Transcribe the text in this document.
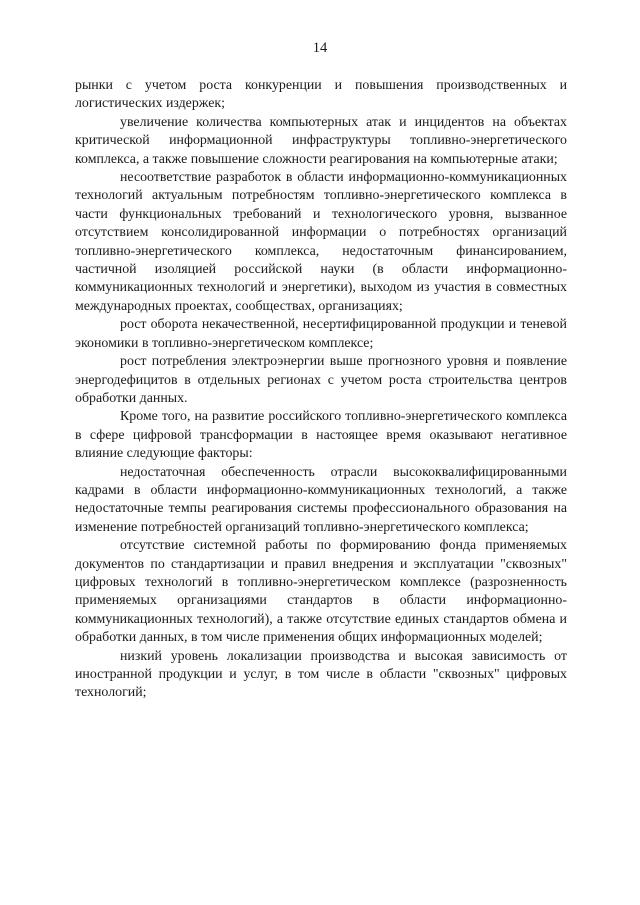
14

рынки с учетом роста конкуренции и повышения производственных и логистических издержек;

увеличение количества компьютерных атак и инцидентов на объектах критической информационной инфраструктуры топливно-энергетического комплекса, а также повышение сложности реагирования на компьютерные атаки;

несоответствие разработок в области информационно-коммуникационных технологий актуальным потребностям топливно-энергетического комплекса в части функциональных требований и технологического уровня, вызванное отсутствием консолидированной информации о потребностях организаций топливно-энергетического комплекса, недостаточным финансированием, частичной изоляцией российской науки (в области информационно-коммуникационных технологий и энергетики), выходом из участия в совместных международных проектах, сообществах, организациях;

рост оборота некачественной, несертифицированной продукции и теневой экономики в топливно-энергетическом комплексе;

рост потребления электроэнергии выше прогнозного уровня и появление энергодефицитов в отдельных регионах с учетом роста строительства центров обработки данных.

Кроме того, на развитие российского топливно-энергетического комплекса в сфере цифровой трансформации в настоящее время оказывают негативное влияние следующие факторы:

недостаточная обеспеченность отрасли высококвалифицированными кадрами в области информационно-коммуникационных технологий, а также недостаточные темпы реагирования системы профессионального образования на изменение потребностей организаций топливно-энергетического комплекса;

отсутствие системной работы по формированию фонда применяемых документов по стандартизации и правил внедрения и эксплуатации "сквозных" цифровых технологий в топливно-энергетическом комплексе (разрозненность применяемых организациями стандартов в области информационно-коммуникационных технологий), а также отсутствие единых стандартов обмена и обработки данных, в том числе применения общих информационных моделей;

низкий уровень локализации производства и высокая зависимость от иностранной продукции и услуг, в том числе в области "сквозных" цифровых технологий;
